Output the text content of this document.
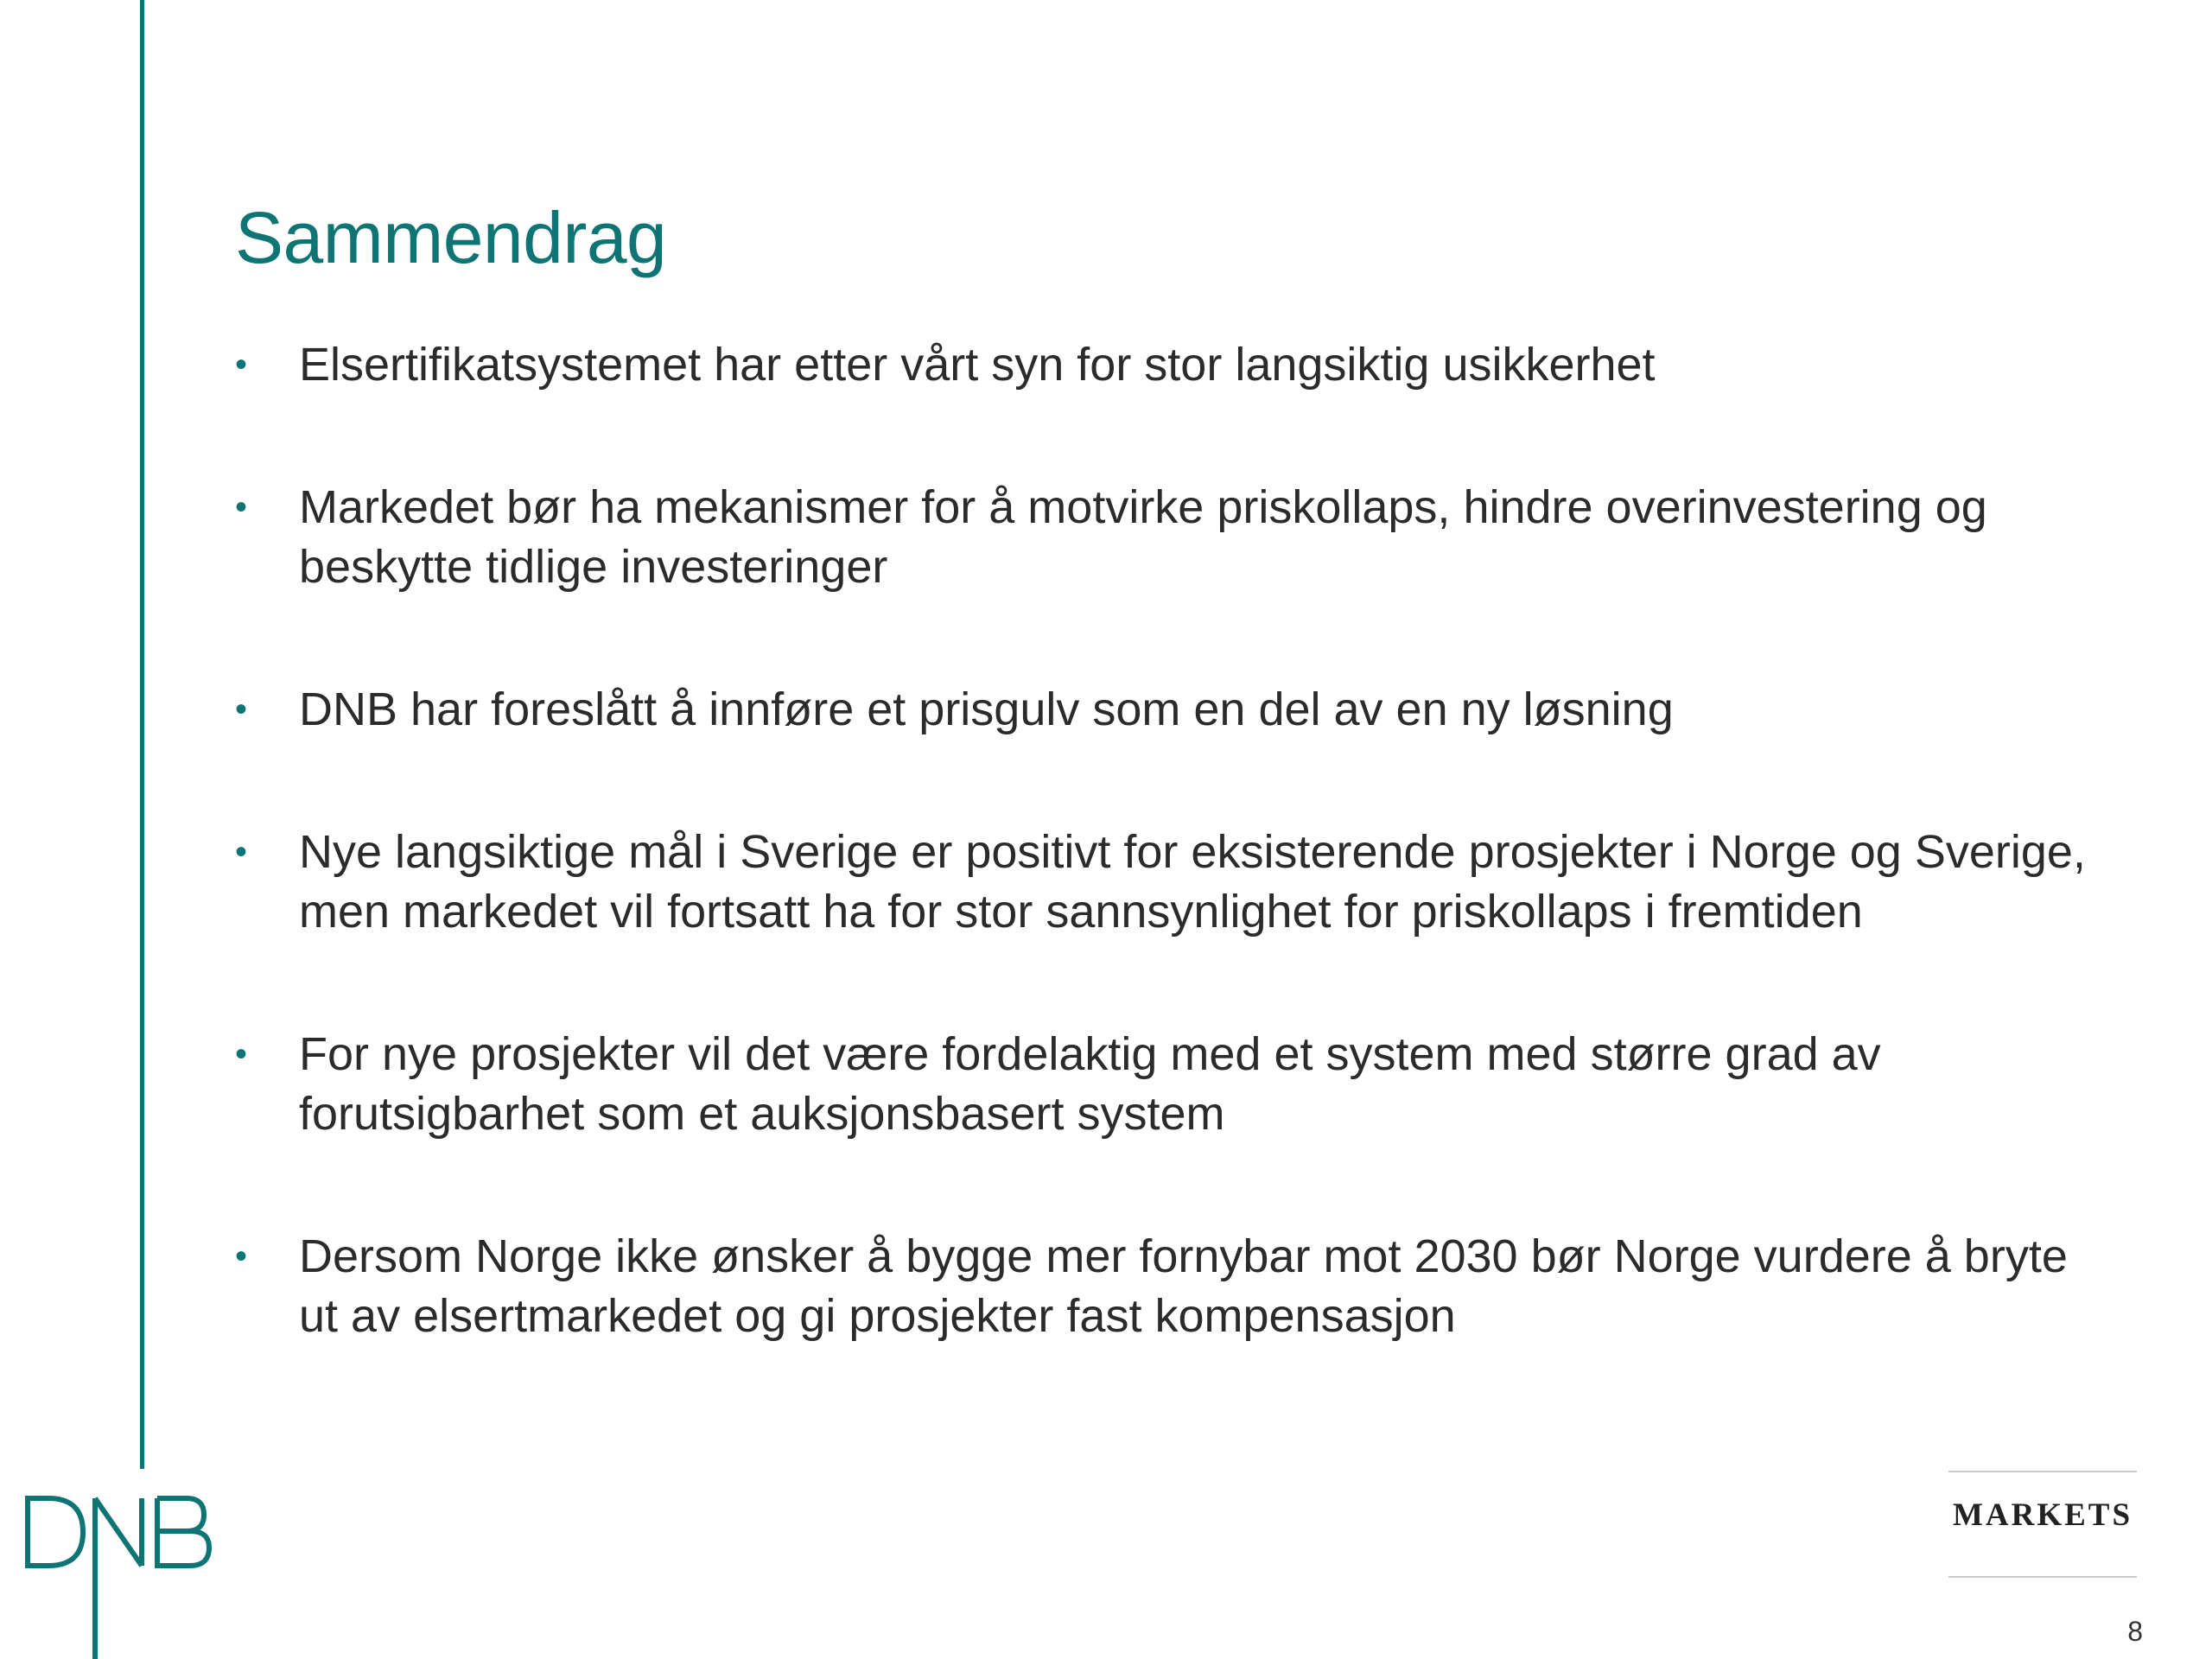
Sammendrag
• Elsertifikatsystemet har etter vårt syn for stor langsiktig usikkerhet
• Markedet bør ha mekanismer for å motvirke priskollaps, hindre overinvestering og beskytte tidlige investeringer
• DNB har foreslått å innføre et prisgulv som en del av en ny løsning
• Nye langsiktige mål i Sverige er positivt for eksisterende prosjekter i Norge og Sverige, men markedet vil fortsatt ha for stor sannsynlighet for priskollaps i fremtiden
• For nye prosjekter vil det være fordelaktig med et system med større grad av forutsigbarhet som et auksjonsbasert system
• Dersom Norge ikke ønsker å bygge mer fornybar mot 2030 bør Norge vurdere å bryte ut av elsertmarkedet og gi prosjekter fast kompensasjon
MARKETS
8
